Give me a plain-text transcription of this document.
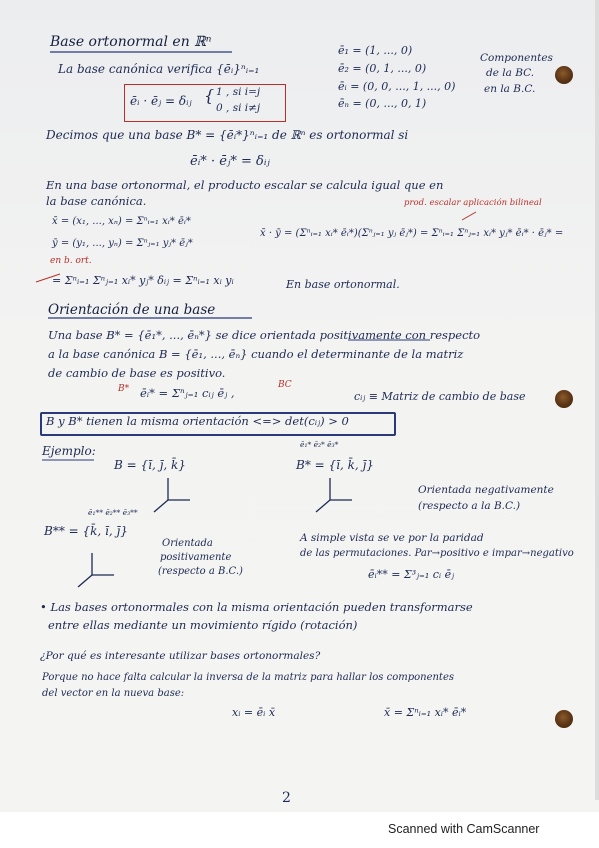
Base ortonormal en ℝⁿ
La base canónica verifica {ēᵢ}ⁿᵢ₌₁
ēᵢ · ēⱼ = δᵢⱼ { 1 , si i=j
0 , si i≠j
ē₁ = (1, ..., 0)
ē₂ = (0, 1, ..., 0)
ēᵢ = (0, 0, ..., 1, ..., 0)
ēₙ = (0, ..., 0, 1)
Componentes
de la BC.
en la B.C.
Decimos que una base B* = {ēᵢ*}ⁿᵢ₌₁ de ℝⁿ es ortonormal si
ēᵢ* · ēⱼ* = δᵢⱼ
En una base ortonormal, el producto escalar se calcula igual que en
la base canónica.	prod. escalar aplicación bilineal
x̄ = (x₁, ..., xₙ) = Σⁿᵢ₌₁ xᵢ* ēᵢ*
ȳ = (y₁, ..., yₙ) = Σⁿⱼ₌₁ yⱼ* ēⱼ*
x̄ · ȳ = (Σⁿᵢ₌₁ xᵢ* ēᵢ*)(Σⁿⱼ₌₁ yⱼ ēⱼ*) = Σⁿᵢ₌₁ Σⁿⱼ₌₁ xᵢ* yⱼ* ēᵢ* · ēⱼ* =
en b. ort.
= Σⁿᵢ₌₁ Σⁿⱼ₌₁ xᵢ* yⱼ* δᵢⱼ = Σⁿᵢ₌₁ xᵢ yᵢ	En base ortonormal.
Orientación de una base
Una base B* = {ē₁*, ..., ēₙ*} se dice orientada positivamente con respecto
a la base canónica B = {ē₁, ..., ēₙ} cuando el determinante de la matriz
de cambio de base es positivo.
B* ēᵢ* = Σⁿⱼ₌₁ cᵢⱼ ēⱼ ,
BC
cᵢⱼ ≡ Matriz de cambio de base
B y B* tienen la misma orientación <=> det(cᵢⱼ) > 0
Ejemplo:
B = {ī, j̄, k̄}
ē₁* ē₂* ē₃*
B* = {ī, k̄, j̄}
Orientada negativamente
(respecto a la B.C.)
ē₁** ē₂** ē₃**
B** = {k̄, ī, j̄}
Orientada
positivamente
(respecto a B.C.)
A simple vista se ve por la paridad
de las permutaciones. Par→positivo e impar→negativo
ēᵢ** = Σ³ⱼ₌₁ cᵢ ēⱼ
• Las bases ortonormales con la misma orientación pueden transformarse
entre ellas mediante un movimiento rígido (rotación)
¿Por qué es interesante utilizar bases ortonormales?
Porque no hace falta calcular la inversa de la matriz para hallar los componentes
del vector en la nueva base:
xᵢ = ēᵢ x̄	x̄ = Σⁿᵢ₌₁ xᵢ* ēᵢ*
2
Scanned with CamScanner
